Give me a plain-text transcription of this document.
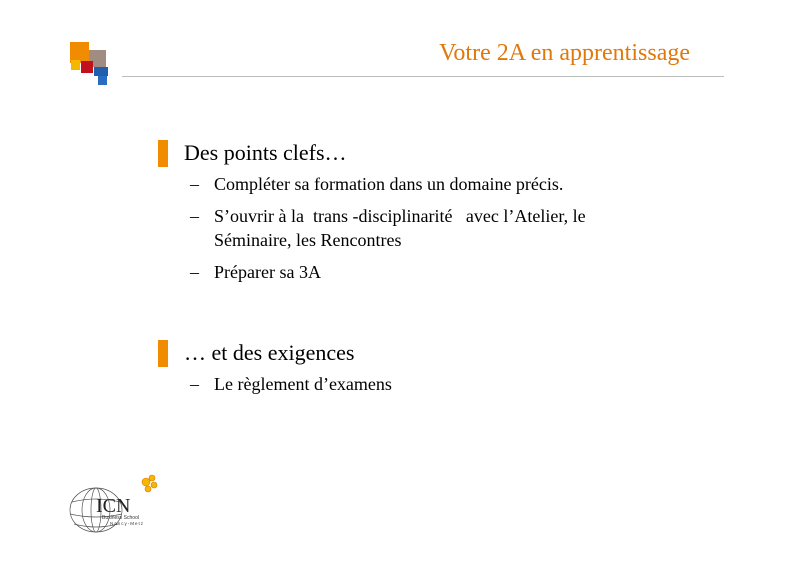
Votre 2A en apprentissage
Des points clefs…
– Compléter sa formation dans un domaine précis.
– S’ouvrir à la  trans -disciplinarité   avec l’Atelier, le Séminaire, les Rencontres
– Préparer sa 3A
… et des exigences
– Le règlement d’examens
ICN
Business School
Nancy-Metz
